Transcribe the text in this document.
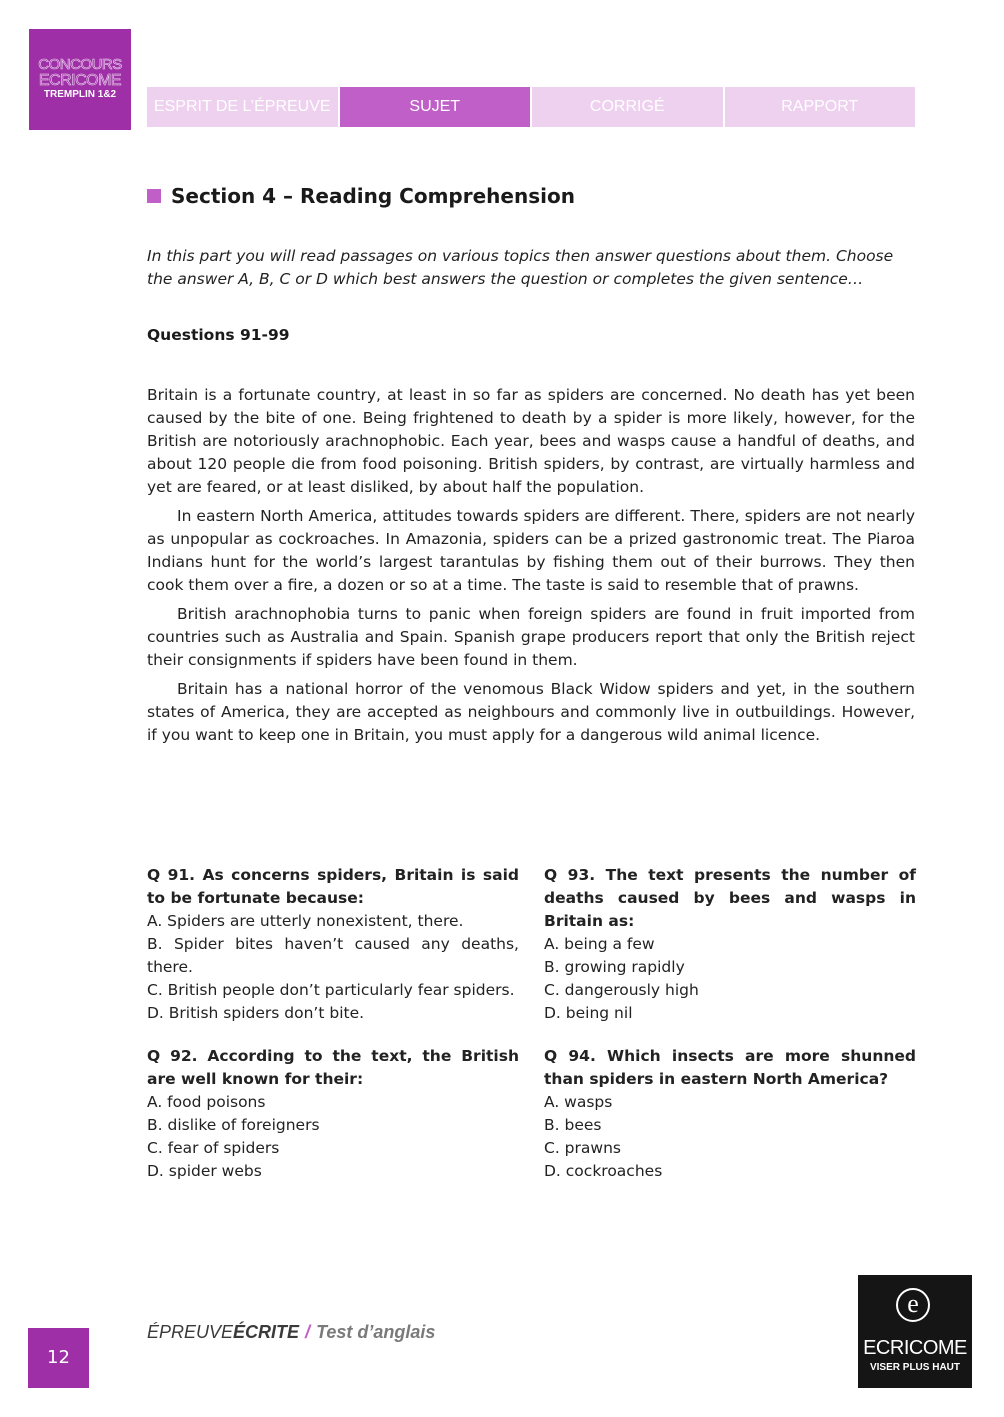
CONCOURS
ECRICOME
TREMPLIN 1&2
ESPRIT DE L’ÉPREUVE	SUJET	CORRIGÉ	RAPPORT
Section 4 – Reading Comprehension
In this part you will read passages on various topics then answer questions about them. Choose the answer A, B, C or D which best answers the question or completes the given sentence…
Questions 91-99

Britain is a fortunate country, at least in so far as spiders are concerned. No death has yet been caused by the bite of one. Being frightened to death by a spider is more likely, however, for the British are notoriously arachnophobic. Each year, bees and wasps cause a handful of deaths, and about 120 people die from food poisoning. British spiders, by contrast, are virtually harmless and yet are feared, or at least disliked, by about half the population.

In eastern North America, attitudes towards spiders are different. There, spiders are not nearly as unpopular as cockroaches. In Amazonia, spiders can be a prized gastronomic treat. The Piaroa Indians hunt for the world’s largest tarantulas by fishing them out of their burrows. They then cook them over a fire, a dozen or so at a time. The taste is said to resemble that of prawns.

British arachnophobia turns to panic when foreign spiders are found in fruit imported from countries such as Australia and Spain. Spanish grape producers report that only the British reject their consignments if spiders have been found in them.

Britain has a national horror of the venomous Black Widow spiders and yet, in the southern states of America, they are accepted as neighbours and commonly live in outbuildings. However, if you want to keep one in Britain, you must apply for a dangerous wild animal licence.

Q 91. As concerns spiders, Britain is said to be fortunate because:
A. Spiders are utterly nonexistent, there.
B. Spider bites haven’t caused any deaths, there.
C. British people don’t particularly fear spiders.
D. British spiders don’t bite.
Q 92. According to the text, the British are well known for their:
A. food poisons
B. dislike of foreigners
C. fear of spiders
D. spider webs
Q 93. The text presents the number of deaths caused by bees and wasps in Britain as:
A. being a few
B. growing rapidly
C. dangerously high
D. being nil
Q 94. Which insects are more shunned than spiders in eastern North America?
A. wasps
B. bees
C. prawns
D. cockroaches
12
ÉPREUVEÉCRITE / Test d’anglais
e
ECRICOME
VISER PLUS HAUT
